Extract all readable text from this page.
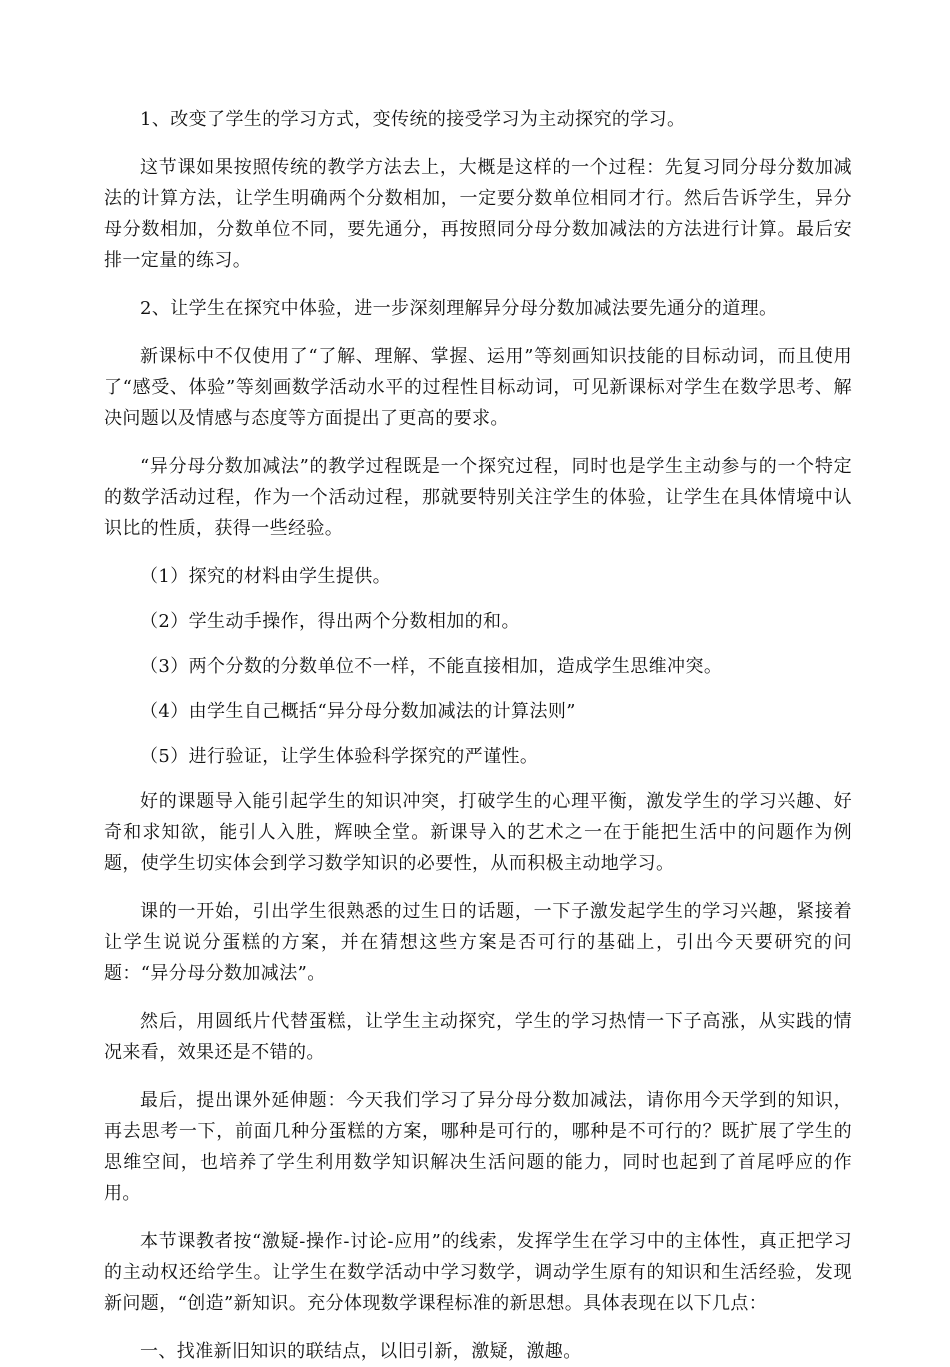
1、改变了学生的学习方式，变传统的接受学习为主动探究的学习。

这节课如果按照传统的教学方法去上，大概是这样的一个过程：先复习同分母分数加减法的计算方法，让学生明确两个分数相加，一定要分数单位相同才行。然后告诉学生，异分母分数相加，分数单位不同，要先通分，再按照同分母分数加减法的方法进行计算。最后安排一定量的练习。

2、让学生在探究中体验，进一步深刻理解异分母分数加减法要先通分的道理。

新课标中不仅使用了“了解、理解、掌握、运用”等刻画知识技能的目标动词，而且使用了“感受、体验”等刻画数学活动水平的过程性目标动词，可见新课标对学生在数学思考、解决问题以及情感与态度等方面提出了更高的要求。

“异分母分数加减法”的教学过程既是一个探究过程，同时也是学生主动参与的一个特定的数学活动过程，作为一个活动过程，那就要特别关注学生的体验，让学生在具体情境中认识比的性质，获得一些经验。

（1）探究的材料由学生提供。

（2）学生动手操作，得出两个分数相加的和。

（3）两个分数的分数单位不一样，不能直接相加，造成学生思维冲突。

（4）由学生自己概括“异分母分数加减法的计算法则”

（5）进行验证，让学生体验科学探究的严谨性。

好的课题导入能引起学生的知识冲突，打破学生的心理平衡，激发学生的学习兴趣、好奇和求知欲，能引人入胜，辉映全堂。新课导入的艺术之一在于能把生活中的问题作为例题，使学生切实体会到学习数学知识的必要性，从而积极主动地学习。

课的一开始，引出学生很熟悉的过生日的话题，一下子激发起学生的学习兴趣，紧接着让学生说说分蛋糕的方案，并在猜想这些方案是否可行的基础上，引出今天要研究的问题：“异分母分数加减法”。

然后，用圆纸片代替蛋糕，让学生主动探究，学生的学习热情一下子高涨，从实践的情况来看，效果还是不错的。

最后，提出课外延伸题：今天我们学习了异分母分数加减法，请你用今天学到的知识，再去思考一下，前面几种分蛋糕的方案，哪种是可行的，哪种是不可行的？既扩展了学生的思维空间，也培养了学生利用数学知识解决生活问题的能力，同时也起到了首尾呼应的作用。

本节课教者按“激疑-操作-讨论-应用”的线索，发挥学生在学习中的主体性，真正把学习的主动权还给学生。让学生在数学活动中学习数学，调动学生原有的知识和生活经验，发现新问题，“创造”新知识。充分体现数学课程标准的新思想。具体表现在以下几点：

一、找准新旧知识的联结点，以旧引新，激疑，激趣。
